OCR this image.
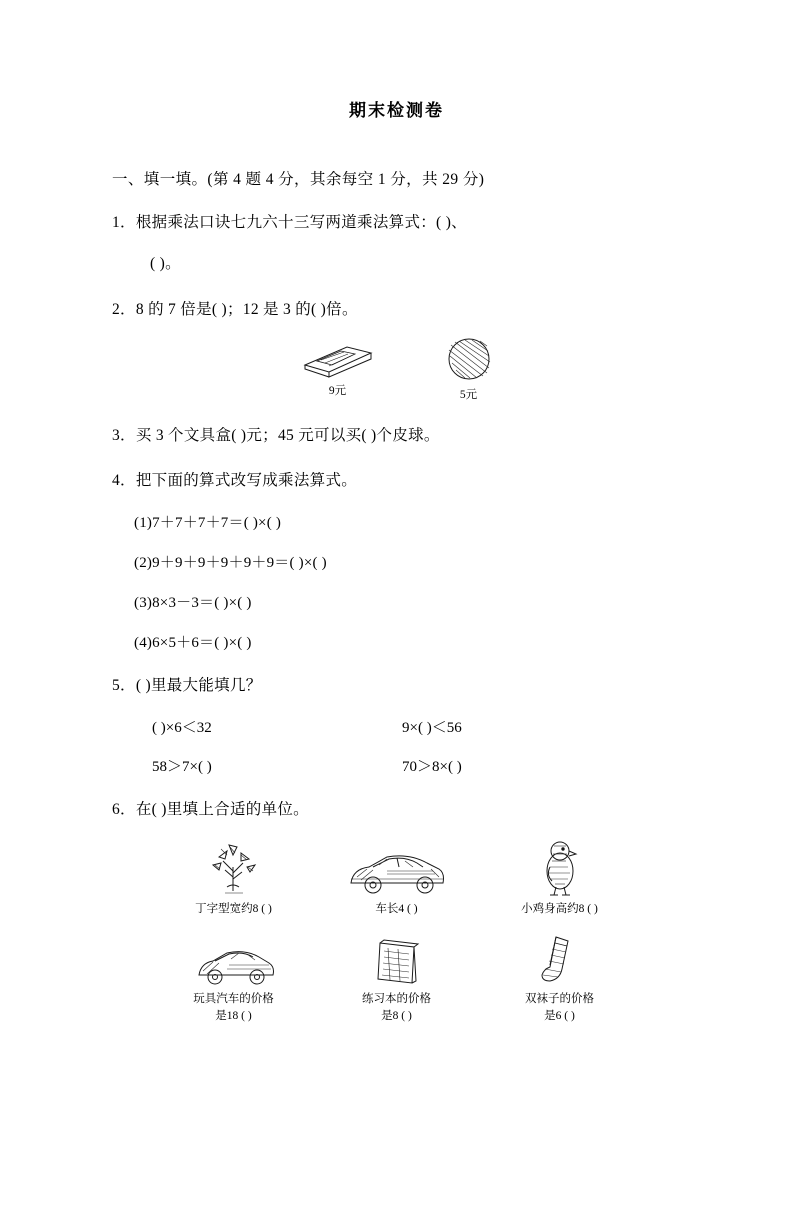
期末检测卷
一、填一填。(第 4 题 4 分，其余每空 1 分，共 29 分)
1．根据乘法口诀七九六十三写两道乘法算式：( )、
( )。
2．8 的 7 倍是( )；12 是 3 的( )倍。
9元	5元
3．买 3 个文具盒( )元；45 元可以买( )个皮球。
4．把下面的算式改写成乘法算式。
(1)7＋7＋7＋7＝( )×( )
(2)9＋9＋9＋9＋9＋9＝( )×( )
(3)8×3－3＝( )×( )
(4)6×5＋6＝( )×( )
5．( )里最大能填几？
( )×6＜32	9×( )＜56
58＞7×( )	70＞8×( )
6．在( )里填上合适的单位。
丁字型宽约8 ( )	车长4 ( )	小鸡身高约8 ( )
玩具汽车的价格
是18 ( )
练习本的价格
是8 ( )
双袜子的价格
是6 ( )
